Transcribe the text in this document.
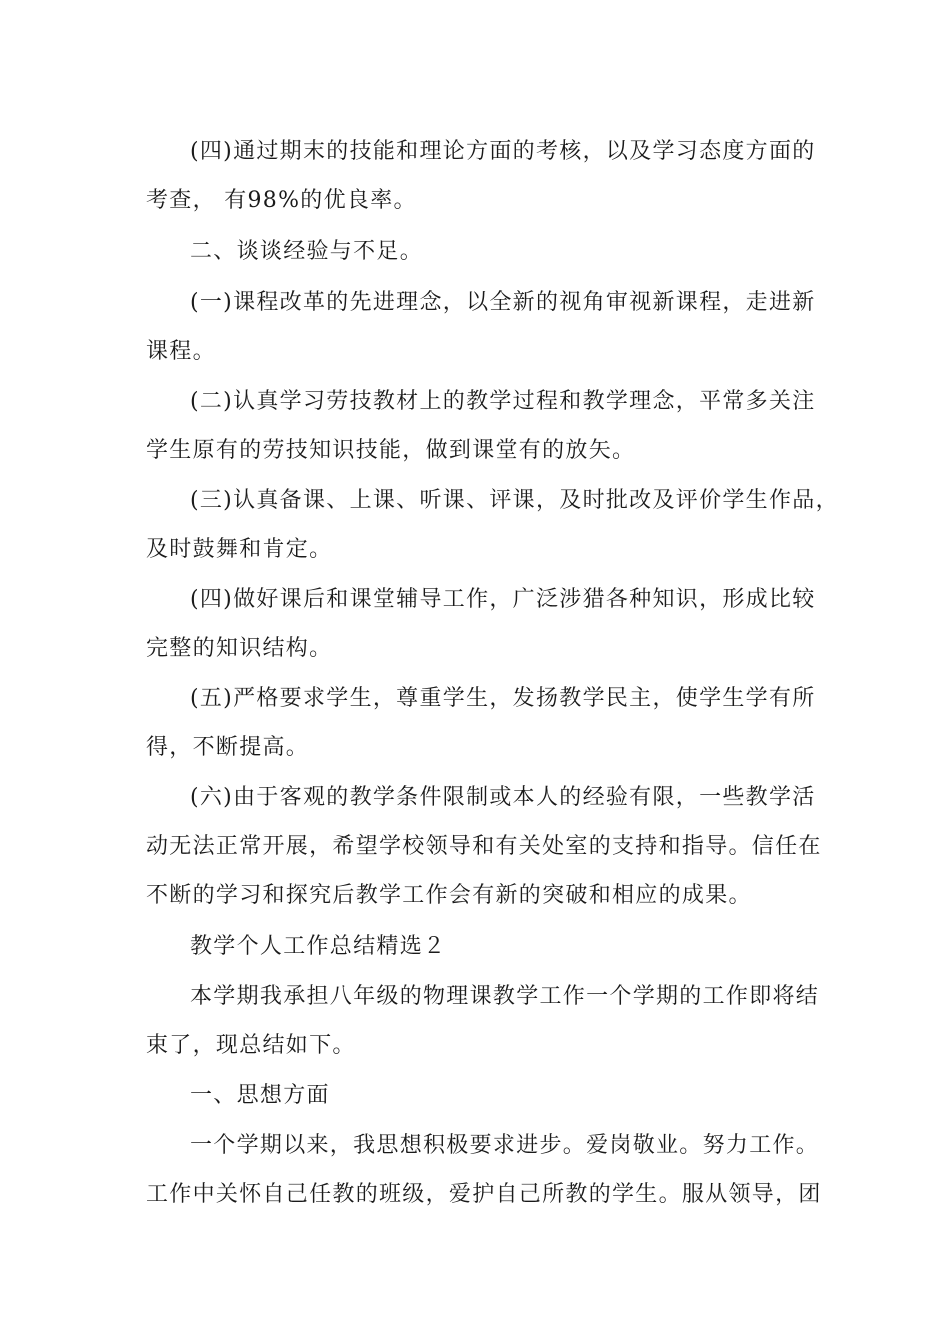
(四)通过期末的技能和理论方面的考核，以及学习态度方面的
考查， 有98%的优良率。
二、谈谈经验与不足。
(一)课程改革的先进理念，以全新的视角审视新课程，走进新
课程。
(二)认真学习劳技教材上的教学过程和教学理念，平常多关注
学生原有的劳技知识技能，做到课堂有的放矢。
(三)认真备课、上课、听课、评课，及时批改及评价学生作品，
及时鼓舞和肯定。
(四)做好课后和课堂辅导工作，广泛涉猎各种知识，形成比较
完整的知识结构。
(五)严格要求学生，尊重学生，发扬教学民主，使学生学有所
得，不断提高。
(六)由于客观的教学条件限制或本人的经验有限，一些教学活
动无法正常开展，希望学校领导和有关处室的支持和指导。信任在
不断的学习和探究后教学工作会有新的突破和相应的成果。
教学个人工作总结精选２
本学期我承担八年级的物理课教学工作一个学期的工作即将结
束了，现总结如下。
一、思想方面
一个学期以来，我思想积极要求进步。爱岗敬业。努力工作。
工作中关怀自己任教的班级，爱护自己所教的学生。服从领导，团
